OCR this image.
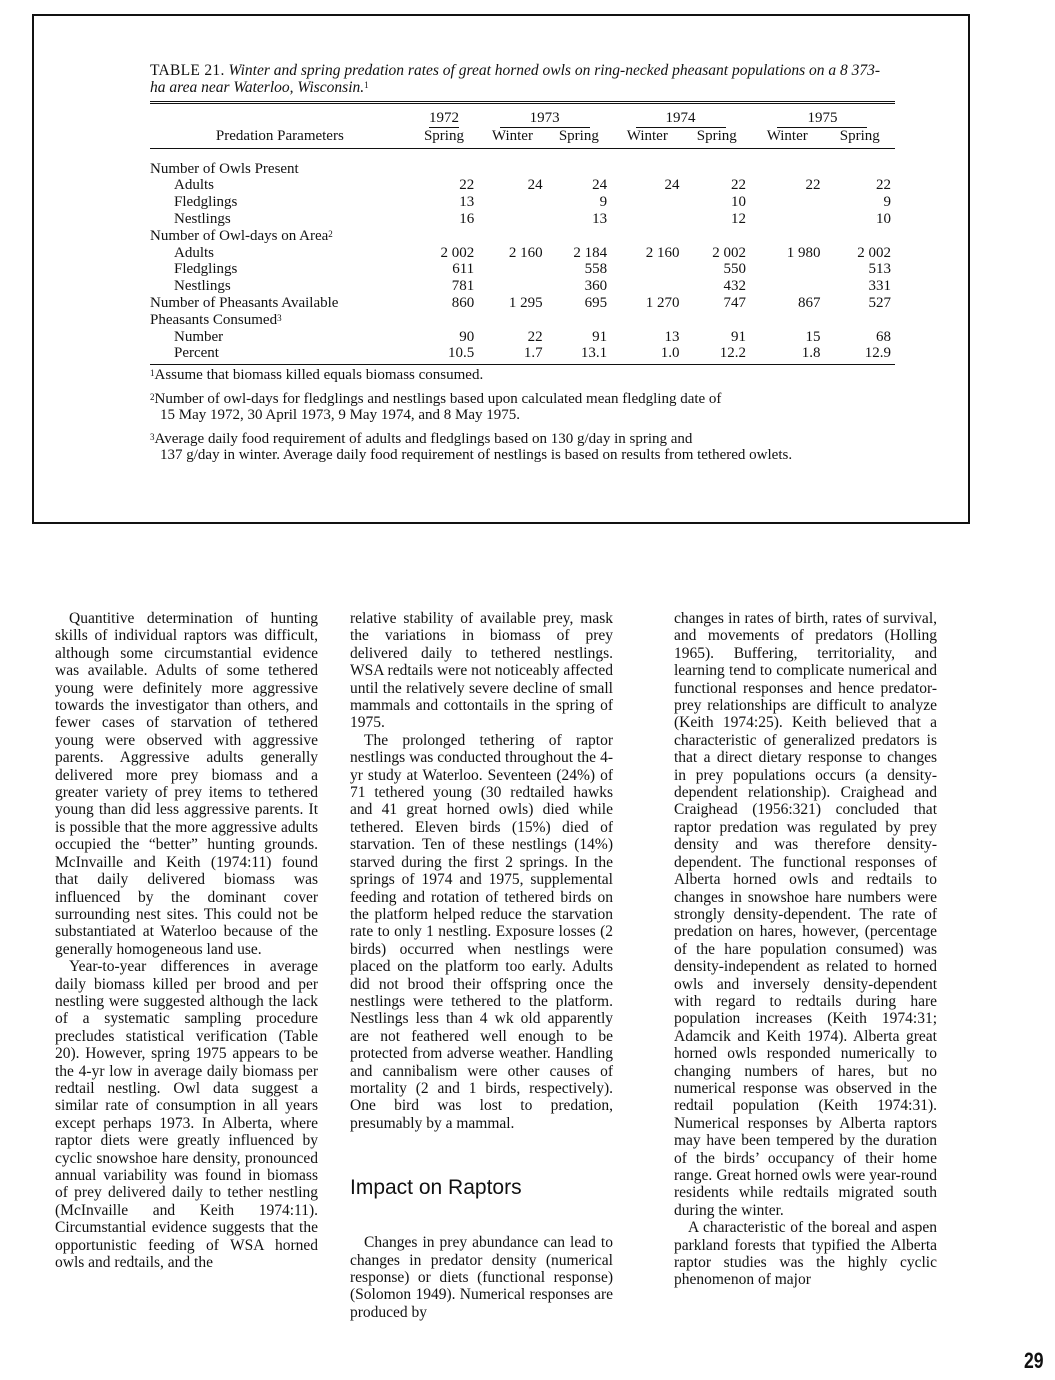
TABLE 21. Winter and spring predation rates of great horned owls on ring-necked pheasant populations on a 8 373-ha area near Waterloo, Wisconsin.$^1$
	1972	1973		1974		1975	
Predation Parameters	Spring	Winter	Spring	Winter	Spring	Winter	Spring
Number of Owls Present							
Adults	22	24	24	24	22	22	22
Fledglings	13		9		10		9
Nestlings	16		13		12		10
Number of Owl-days on Area$^2$							
Adults	2 002	2 160	2 184	2 160	2 002	1 980	2 002
Fledglings	611		558		550		513
Nestlings	781		360		432		331
Number of Pheasants Available	860	1 295	695	1 270	747	867	527
Pheasants Consumed$^3$							
Number	90	22	91	13	91	15	68
Percent	10.5	1.7	13.1	1.0	12.2	1.8	12.9
$^1$Assume that biomass killed equals biomass consumed.
$^2$Number of owl-days for fledglings and nestlings based upon calculated mean fledgling date of
15 May 1972, 30 April 1973, 9 May 1974, and 8 May 1975.
$^3$Average daily food requirement of adults and fledglings based on 130 g/day in spring and
137 g/day in winter. Average daily food requirement of nestlings is based on results from tethered owlets.

Quantitive determination of hunting skills of individual raptors was difficult, although some circumstantial evidence was available. Adults of some tethered young were definitely more aggressive towards the investigator than others, and fewer cases of starvation of tethered young were observed with aggressive parents. Aggressive adults generally delivered more prey biomass and a greater variety of prey items to tethered young than did less aggressive parents. It is possible that the more aggressive adults occupied the “better” hunting grounds. McInvaille and Keith (1974:11) found that daily delivered biomass was influenced by the dominant cover surrounding nest sites. This could not be substantiated at Waterloo because of the generally homogeneous land use.

Year-to-year differences in average daily biomass killed per brood and per nestling were suggested although the lack of a systematic sampling procedure precludes statistical verification (Table 20). However, spring 1975 appears to be the 4-yr low in average daily biomass per redtail nestling. Owl data suggest a similar rate of consumption in all years except perhaps 1973. In Alberta, where raptor diets were greatly influenced by cyclic snowshoe hare density, pronounced annual variability was found in biomass of prey delivered daily to tether nestling (McInvaille and Keith 1974:11). Circumstantial evidence suggests that the opportunistic feeding of WSA horned owls and redtails, and the

relative stability of available prey, mask the variations in biomass of prey delivered daily to tethered nestlings. WSA redtails were not noticeably affected until the relatively severe decline of small mammals and cottontails in the spring of 1975.

The prolonged tethering of raptor nestlings was conducted throughout the 4-yr study at Waterloo. Seventeen (24%) of 71 tethered young (30 redtailed hawks and 41 great horned owls) died while tethered. Eleven birds (15%) died of starvation. Ten of these nestlings (14%) starved during the first 2 springs. In the springs of 1974 and 1975, supplemental feeding and rotation of tethered birds on the platform helped reduce the starvation rate to only 1 nestling. Exposure losses (2 birds) occurred when nestlings were placed on the platform too early. Adults did not brood their offspring once the nestlings were tethered to the platform. Nestlings less than 4 wk old apparently are not feathered well enough to be protected from adverse weather. Handling and cannibalism were other causes of mortality (2 and 1 birds, respectively). One bird was lost to predation, presumably by a mammal.

Impact on Raptors

Changes in prey abundance can lead to changes in predator density (numerical response) or diets (functional response) (Solomon 1949). Numerical responses are produced by

changes in rates of birth, rates of survival, and movements of predators (Holling 1965). Buffering, territoriality, and learning tend to complicate numerical and functional responses and hence predator-prey relationships are difficult to analyze (Keith 1974:25). Keith believed that a characteristic of generalized predators is that a direct dietary response to changes in prey populations occurs (a density-dependent relationship). Craighead and Craighead (1956:321) concluded that raptor predation was regulated by prey density and was therefore density-dependent. The functional responses of Alberta horned owls and redtails to changes in snowshoe hare numbers were strongly density-dependent. The rate of predation on hares, however, (percentage of the hare population consumed) was density-independent as related to horned owls and inversely density-dependent with regard to redtails during hare population increases (Keith 1974:31; Adamcik and Keith 1974). Alberta great horned owls responded numerically to changing numbers of hares, but no numerical response was observed in the redtail population (Keith 1974:31). Numerical responses by Alberta raptors may have been tempered by the duration of the birds’ occupancy of their home range. Great horned owls were year-round residents while redtails migrated south during the winter.

A characteristic of the boreal and aspen parkland forests that typified the Alberta raptor studies was the highly cyclic phenomenon of major

29
